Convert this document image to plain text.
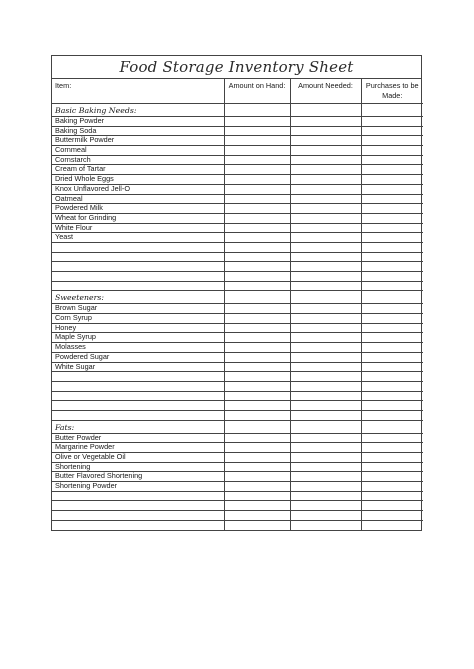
Food Storage Inventory Sheet
Item:	Amount on Hand:	Amount Needed:	Purchases to be Made:
Basic Baking Needs:			
Baking Powder			
Baking Soda			
Buttermilk Powder			
Cornmeal			
Cornstarch			
Cream of Tartar			
Dried Whole Eggs			
Knox Unflavored Jell-O			
Oatmeal			
Powdered Milk			
Wheat for Grinding			
White Flour			
Yeast			

Sweeteners:			
Brown Sugar			
Corn Syrup			
Honey			
Maple Syrup			
Molasses			
Powdered Sugar			
White Sugar			

Fats:			
Butter Powder			
Margarine Powder			
Olive or Vegetable Oil			
Shortening			
Butter Flavored Shortening			
Shortening Powder			
